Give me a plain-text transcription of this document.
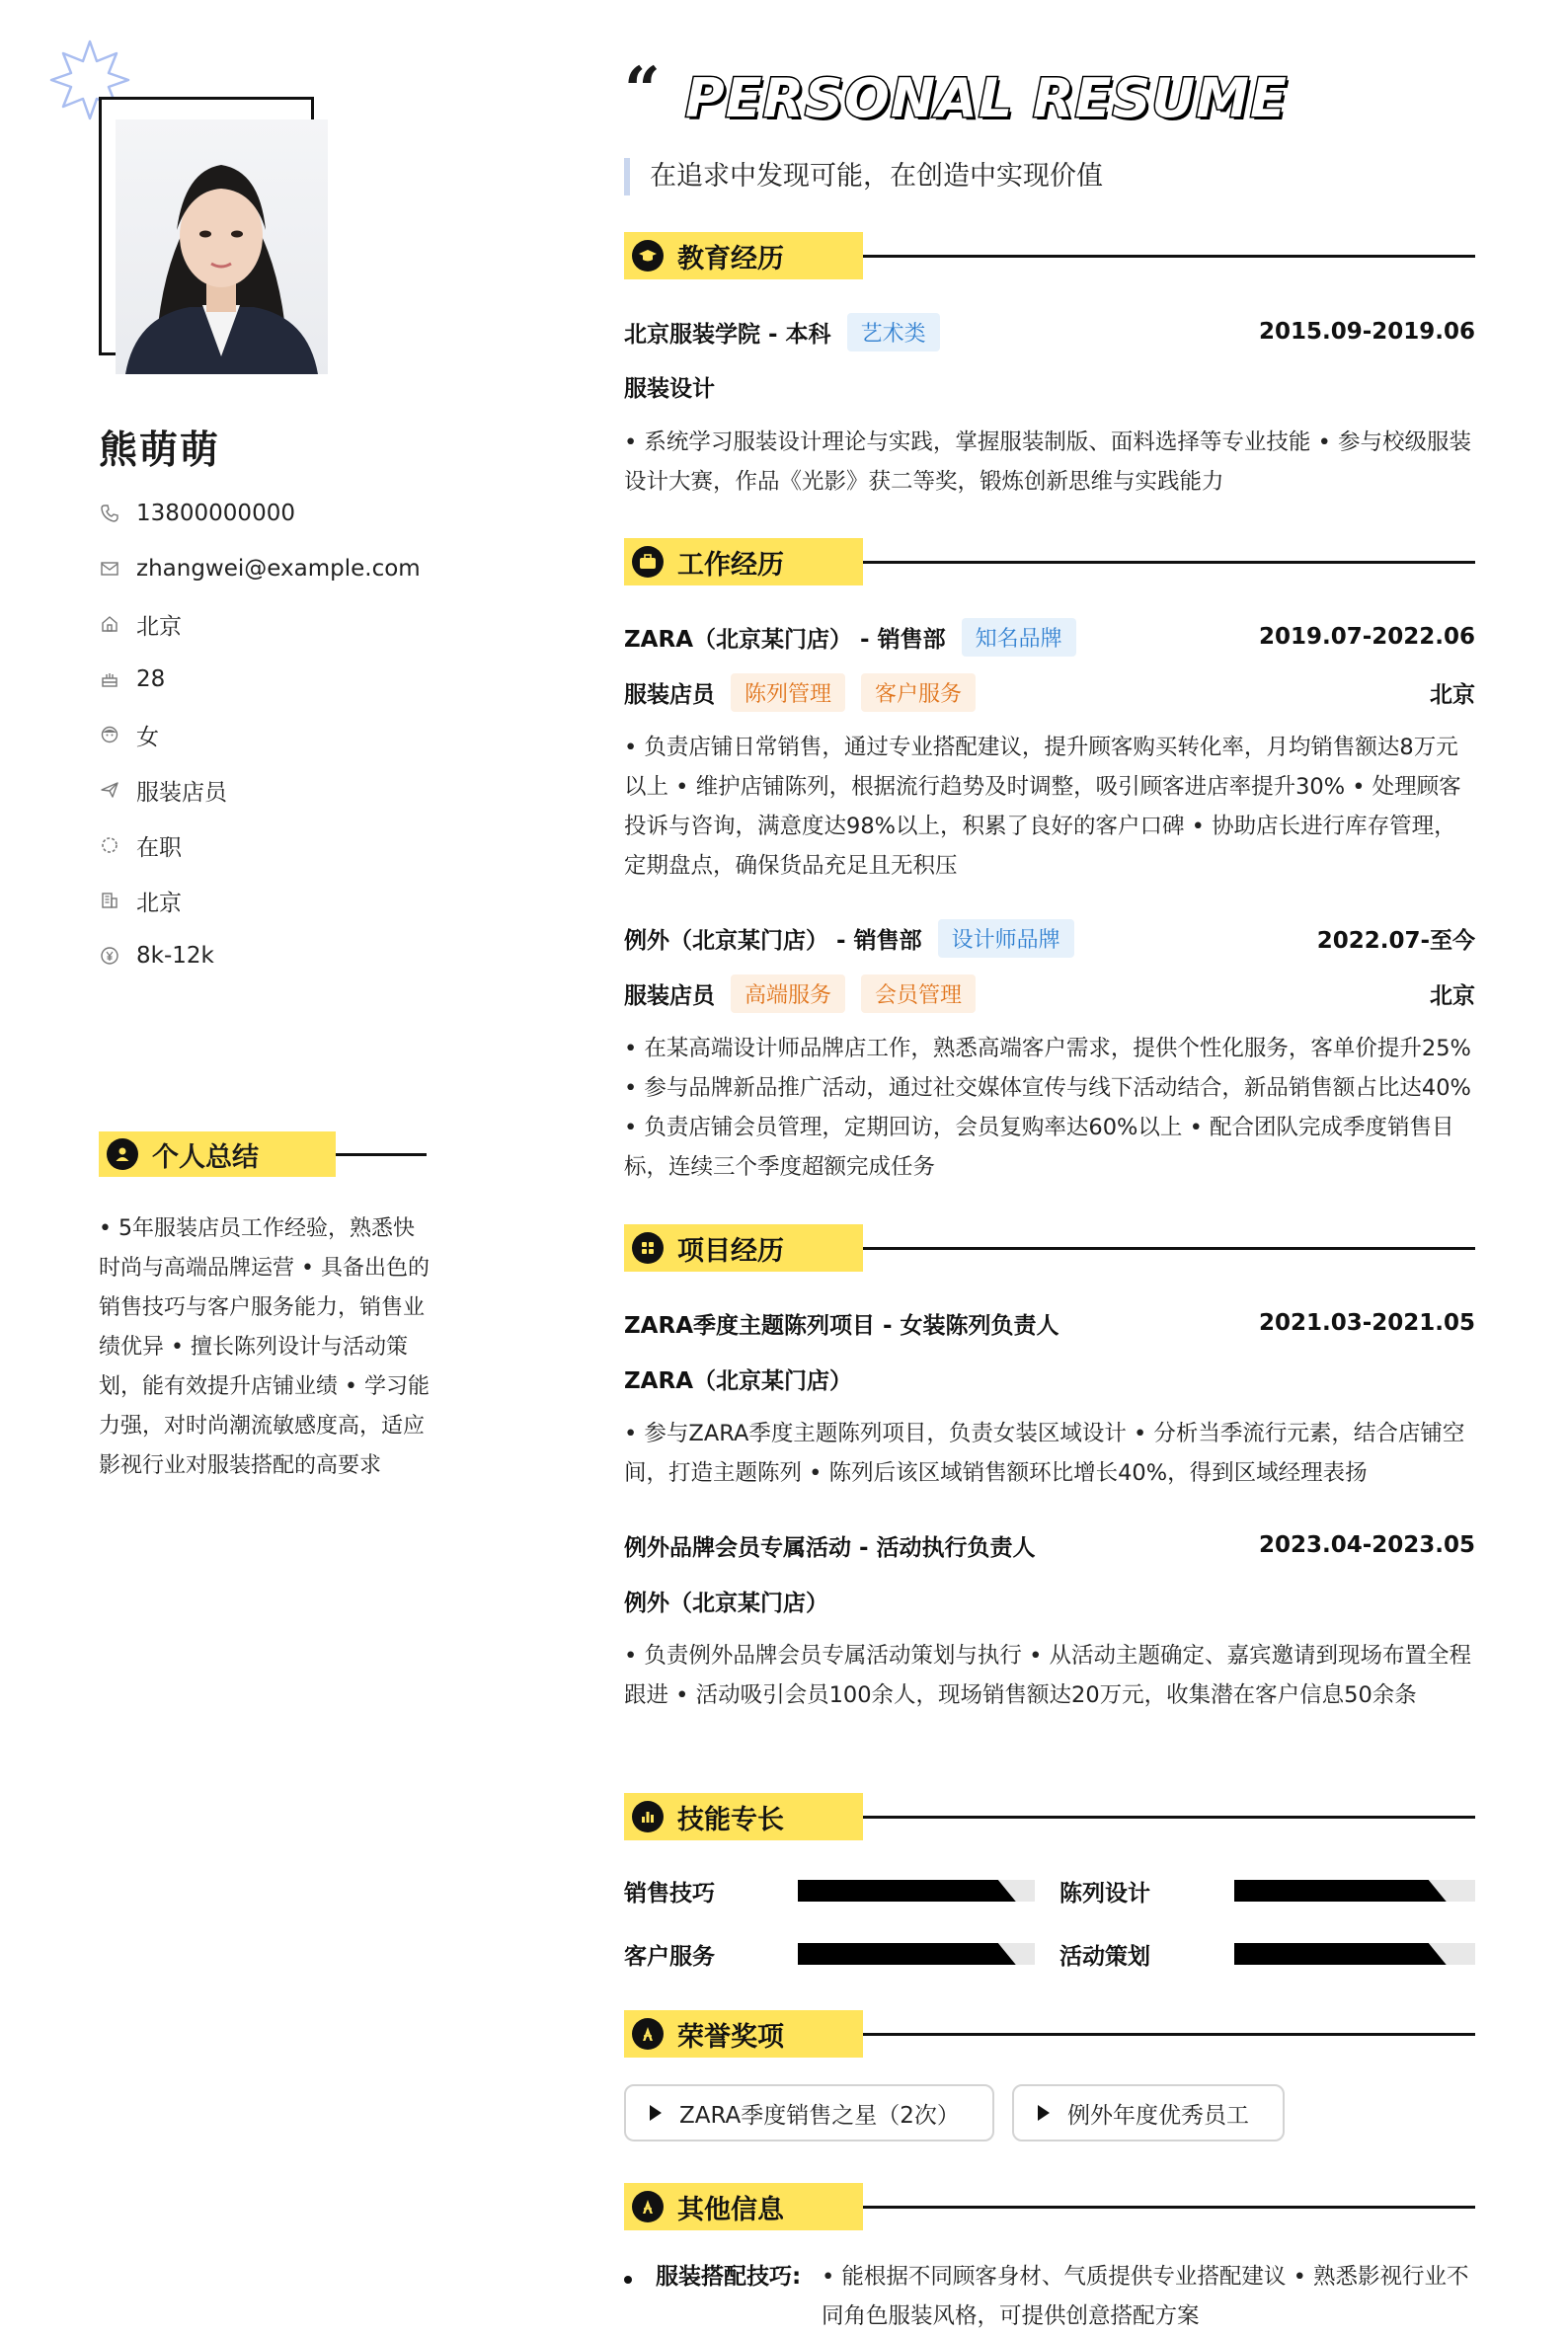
熊萌萌
13800000000
zhangwei@example.com
北京
28
女
服装店员
在职
北京
8k-12k
个人总结
• 5年服装店员工作经验，熟悉快时尚与高端品牌运营 • 具备出色的销售技巧与客户服务能力，销售业绩优异 • 擅长陈列设计与活动策划，能有效提升店铺业绩 • 学习能力强，对时尚潮流敏感度高，适应影视行业对服装搭配的高要求
“ PERSONAL RESUME
在追求中发现可能，在创造中实现价值
教育经历
北京服装学院 - 本科	艺术类	2015.09-2019.06
服装设计
• 系统学习服装设计理论与实践，掌握服装制版、面料选择等专业技能 • 参与校级服装设计大赛，作品《光影》获二等奖，锻炼创新思维与实践能力
工作经历
ZARA（北京某门店）
- 销售部	知名品牌	2019.07-2022.06
服装店员	陈列管理	客户服务	北京
• 负责店铺日常销售，通过专业搭配建议，提升顾客购买转化率，月均销售额达8万元以上 • 维护店铺陈列，根据流行趋势及时调整，吸引顾客进店率提升30% • 处理顾客投诉与咨询，满意度达98%以上，积累了良好的客户口碑 • 协助店长进行库存管理，定期盘点，确保货品充足且无积压
例外（北京某门店）
- 销售部	设计师品牌	2022.07-至今
服装店员	高端服务	会员管理	北京
• 在某高端设计师品牌店工作，熟悉高端客户需求，提供个性化服务，客单价提升25% • 参与品牌新品推广活动，通过社交媒体宣传与线下活动结合，新品销售额占比达40% • 负责店铺会员管理，定期回访，会员复购率达60%以上 • 配合团队完成季度销售目标，连续三个季度超额完成任务
项目经历
ZARA季度主题陈列项目 - 女装陈列负责人	2021.03-2021.05
ZARA（北京某门店）
• 参与ZARA季度主题陈列项目，负责女装区域设计 • 分析当季流行元素，结合店铺空间，打造主题陈列 • 陈列后该区域销售额环比增长40%，得到区域经理表扬
例外品牌会员专属活动 - 活动执行负责人	2023.04-2023.05
例外（北京某门店）
• 负责例外品牌会员专属活动策划与执行 • 从活动主题确定、嘉宾邀请到现场布置全程跟进 • 活动吸引会员100余人，现场销售额达20万元，收集潜在客户信息50余条
技能专长
销售技巧	陈列设计
客户服务	活动策划
荣誉奖项
ZARA季度销售之星（2次）	例外年度优秀员工
其他信息
服装搭配技巧: • 能根据不同顾客身材、气质提供专业搭配建议 • 熟悉影视行业不同角色服装风格，可提供创意搭配方案
